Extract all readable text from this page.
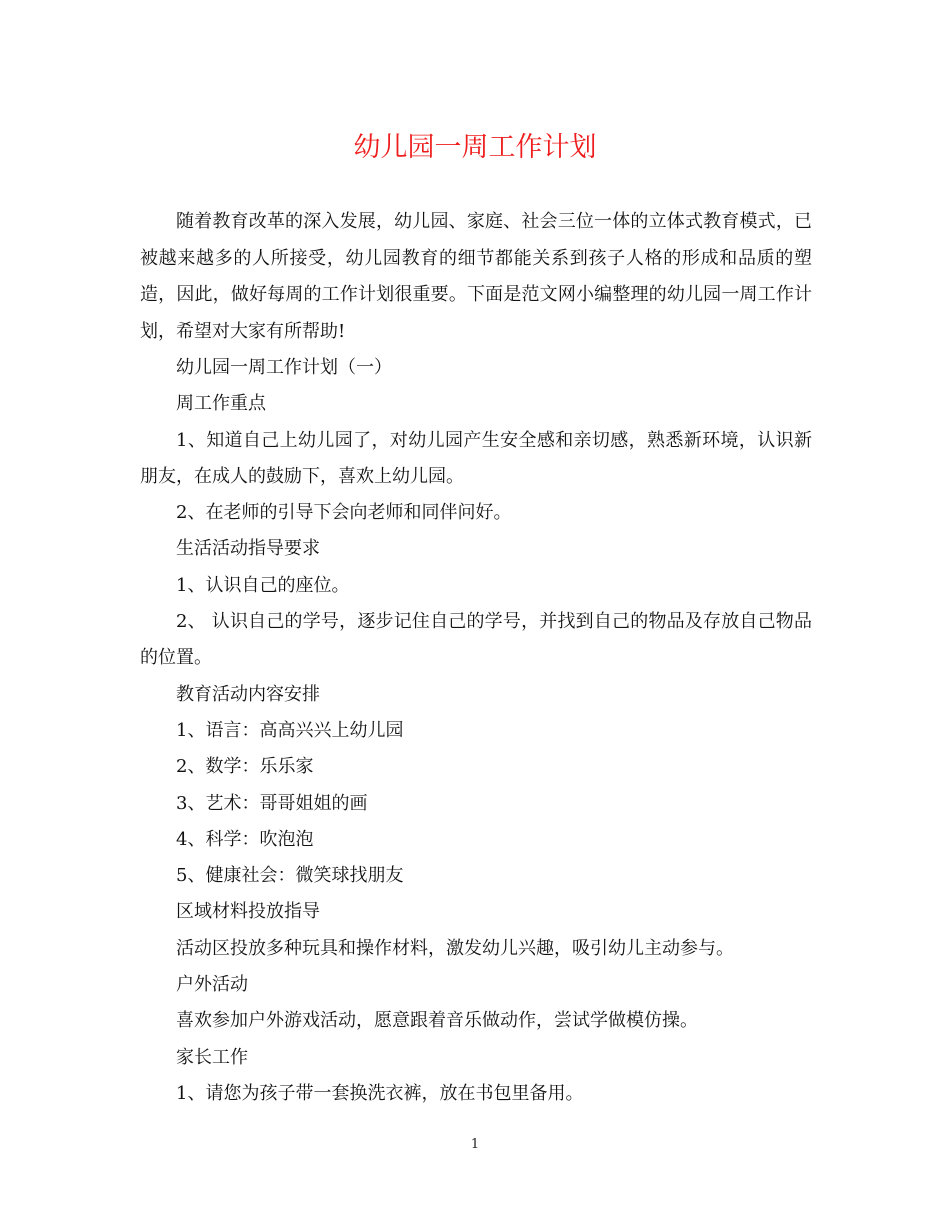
幼儿园一周工作计划

随着教育改革的深入发展，幼儿园、家庭、社会三位一体的立体式教育模式，已被越来越多的人所接受，幼儿园教育的细节都能关系到孩子人格的形成和品质的塑造，因此，做好每周的工作计划很重要。下面是范文网小编整理的幼儿园一周工作计划，希望对大家有所帮助!

幼儿园一周工作计划（一）

周工作重点

1、知道自己上幼儿园了，对幼儿园产生安全感和亲切感，熟悉新环境，认识新朋友，在成人的鼓励下，喜欢上幼儿园。

2、在老师的引导下会向老师和同伴问好。

生活活动指导要求

1、认识自己的座位。

2、 认识自己的学号，逐步记住自己的学号，并找到自己的物品及存放自己物品的位置。

教育活动内容安排

1、语言：高高兴兴上幼儿园

2、数学：乐乐家

3、艺术：哥哥姐姐的画

4、科学：吹泡泡

5、健康社会：微笑球找朋友

区域材料投放指导

活动区投放多种玩具和操作材料，激发幼儿兴趣，吸引幼儿主动参与。

户外活动

喜欢参加户外游戏活动，愿意跟着音乐做动作，尝试学做模仿操。

家长工作

1、请您为孩子带一套换洗衣裤，放在书包里备用。

1
